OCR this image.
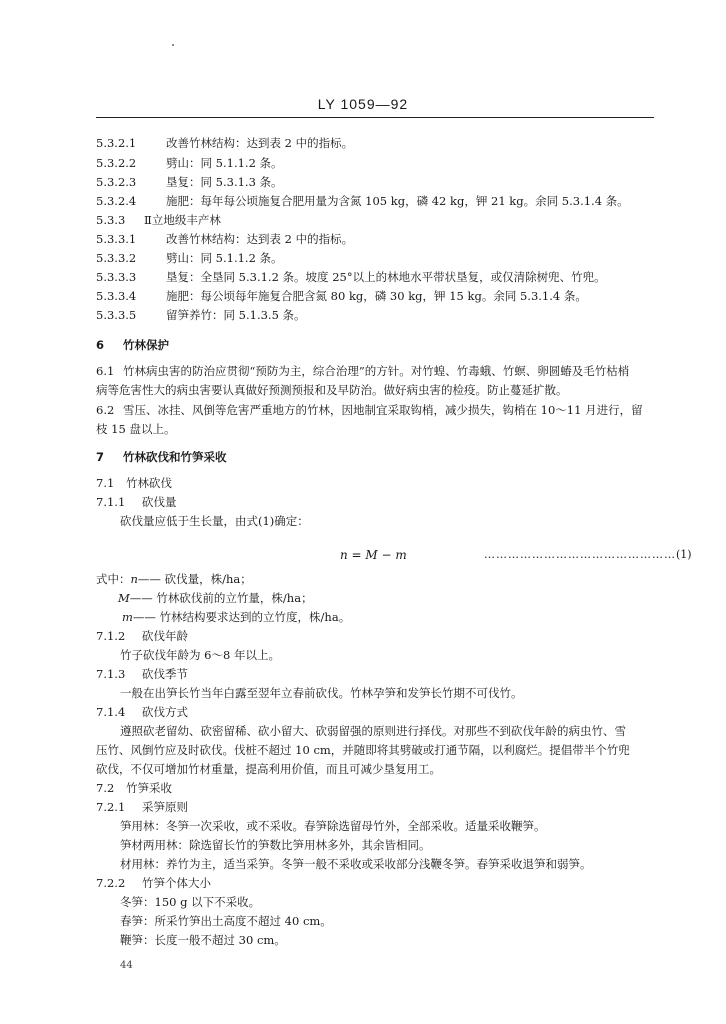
LY 1059—92
5.3.2.1	改善竹林结构：达到表 2 中的指标。
5.3.2.2	劈山：同 5.1.1.2 条。
5.3.2.3	垦复：同 5.3.1.3 条。
5.3.2.4	施肥：每年每公顷施复合肥用量为含氮 105 kg，磷 42 kg，钾 21 kg。余同 5.3.1.4 条。
5.3.3 Ⅱ立地级丰产林
5.3.3.1	改善竹林结构：达到表 2 中的指标。
5.3.3.2	劈山：同 5.1.1.2 条。
5.3.3.3	垦复：全垦同 5.3.1.2 条。坡度 25°以上的林地水平带状垦复，或仅清除树兜、竹兜。
5.3.3.4	施肥：每公顷每年施复合肥含氮 80 kg，磷 30 kg，钾 15 kg。余同 5.3.1.4 条。
5.3.3.5	留笋养竹：同 5.1.3.5 条。
6 竹林保护
6.1 竹林病虫害的防治应贯彻“预防为主，综合治理”的方针。对竹蝗、竹毒蛾、竹螟、卵圆蝽及毛竹枯梢
病等危害性大的病虫害要认真做好预测预报和及早防治。做好病虫害的检疫。防止蔓延扩散。
6.2 雪压、冰挂、风倒等危害严重地方的竹林，因地制宜采取钩梢，减少损失，钩梢在 10～11 月进行，留
枝 15 盘以上。
7 竹林砍伐和竹笋采收
7.1 竹林砍伐
7.1.1 砍伐量
砍伐量应低于生长量，由式(1)确定：
n = M − m	…………………………………………(1)
式中：n—— 砍伐量，株/ha；
M—— 竹林砍伐前的立竹量，株/ha；
m—— 竹林结构要求达到的立竹度，株/ha。
7.1.2 砍伐年龄
竹子砍伐年龄为 6～8 年以上。
7.1.3 砍伐季节
一般在出笋长竹当年白露至翌年立春前砍伐。竹林孕笋和发笋长竹期不可伐竹。
7.1.4 砍伐方式
遵照砍老留幼、砍密留稀、砍小留大、砍弱留强的原则进行择伐。对那些不到砍伐年龄的病虫竹、雪
压竹、风倒竹应及时砍伐。伐桩不超过 10 cm，并随即将其劈破或打通节隔，以利腐烂。提倡带半个竹兜
砍伐，不仅可增加竹材重量，提高利用价值，而且可减少垦复用工。
7.2 竹笋采收
7.2.1 采笋原则
笋用林：冬笋一次采收，或不采收。春笋除选留母竹外，全部采收。适量采收鞭笋。
笋材两用林：除选留长竹的笋数比笋用林多外，其余皆相同。
材用林：养竹为主，适当采笋。冬笋一般不采收或采收部分浅鞭冬笋。春笋采收退笋和弱笋。
7.2.2 竹笋个体大小
冬笋：150 g 以下不采收。
春笋：所采竹笋出土高度不超过 40 cm。
鞭笋：长度一般不超过 30 cm。
44
